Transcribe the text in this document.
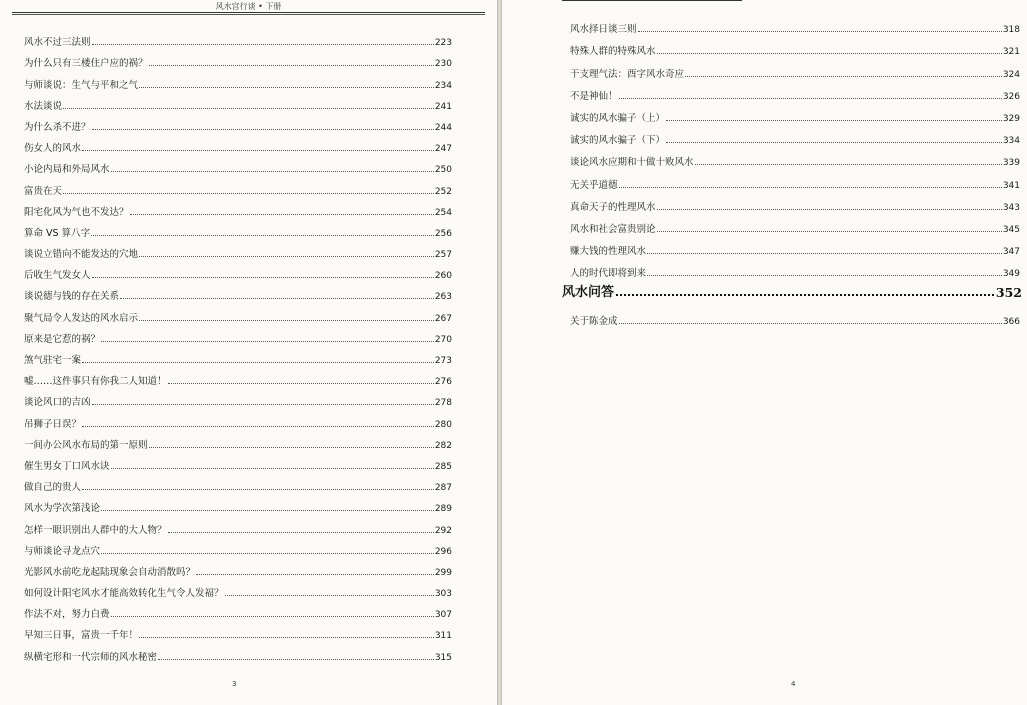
风水宫行谈 • 下册
风水不过三法则	223
为什么只有三楼住户应的祸？	230
与师谈说：生气与平和之气	234
水法谈说	241
为什么杀不进？	244
伤女人的风水	247
小论内局和外局风水	250
富贵在天	252
阳宅化风为气也不发达？	254
算命 VS 算八字	256
谈说立错向不能发达的穴地	257
后收生气发女人	260
谈说德与钱的存在关系	263
聚气局令人发达的风水启示	267
原来是它惹的祸？	270
煞气驻宅一案	273
嘘……这件事只有你我二人知道！	276
谈论风口的吉凶	278
吊狮子日误？	280
一间办公风水布局的第一原则	282
催生男女丁口风水诀	285
做自己的贵人	287
风水为学次第浅论	289
怎样一眼识别出人群中的大人物？	292
与师谈论寻龙点穴	296
光影风水前吃龙起陆现象会自动消散吗？	299
如何设计阳宅风水才能高效转化生气令人发福？	303
作法不对，努力白费	307
早知三日事，富贵一千年！	311
纵横宅形和一代宗师的风水秘密	315
3
风水择日谈三则	318
特殊人群的特殊风水	321
干支理气法：酉字风水奇应	324
不是神仙！	326
诚实的风水骗子（上）	329
诚实的风水骗子（下）	334
谈论风水应期和十做十败风水	339
无关乎道德	341
真命天子的性理风水	343
风水和社会富贵别论	345
赚大钱的性理风水	347
人的时代即将到来	349
风水问答	352
关于陈金成	366
4
